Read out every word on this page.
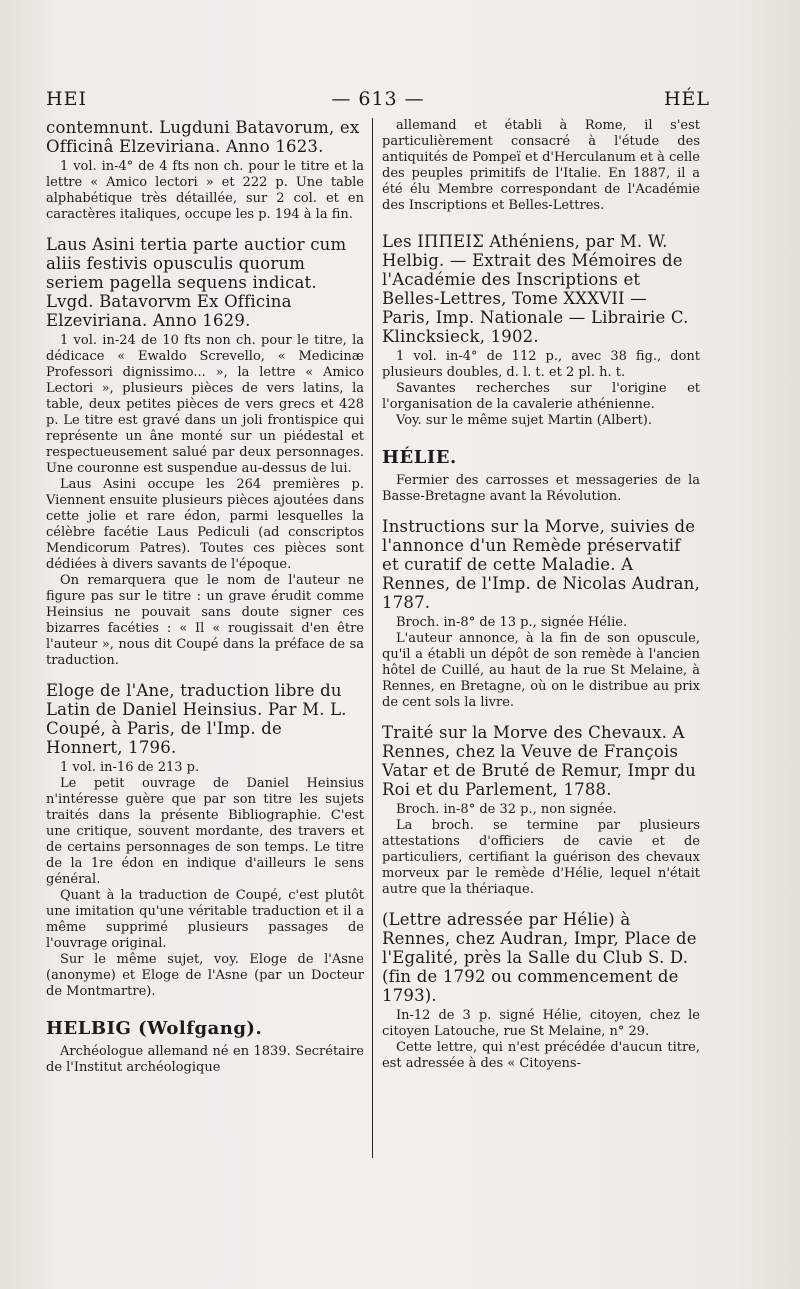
HEI	— 613 —	HÉL

contemnunt. Lugduni Batavorum, ex Officinâ Elzeviriana. Anno 1623.

1 vol. in-4° de 4 fts non ch. pour le titre et la lettre « Amico lectori » et 222 p. Une table alphabétique très détaillée, sur 2 col. et en caractères italiques, occupe les p. 194 à la fin.

Laus Asini tertia parte auctior cum aliis festivis opusculis quorum seriem pagella sequens indicat. Lvgd. Batavorvm Ex Officina Elzeviriana. Anno 1629.

1 vol. in-24 de 10 fts non ch. pour le titre, la dédicace « Ewaldo Screvello, « Medicinæ Professori dignissimo... », la lettre « Amico Lectori », plusieurs pièces de vers latins, la table, deux petites pièces de vers grecs et 428 p. Le titre est gravé dans un joli frontispice qui représente un âne monté sur un piédestal et respectueusement salué par deux personnages. Une couronne est suspendue au-dessus de lui.

Laus Asini occupe les 264 premières p. Viennent ensuite plusieurs pièces ajoutées dans cette jolie et rare édon, parmi lesquelles la célèbre facétie Laus Pediculi (ad conscriptos Mendicorum Patres). Toutes ces pièces sont dédiées à divers savants de l'époque.

On remarquera que le nom de l'auteur ne figure pas sur le titre : un grave érudit comme Heinsius ne pouvait sans doute signer ces bizarres facéties : « Il « rougissait d'en être l'auteur », nous dit Coupé dans la préface de sa traduction.

Eloge de l'Ane, traduction libre du Latin de Daniel Heinsius. Par M. L. Coupé, à Paris, de l'Imp. de Honnert, 1796.

1 vol. in-16 de 213 p.

Le petit ouvrage de Daniel Heinsius n'intéresse guère que par son titre les sujets traités dans la présente Bibliographie. C'est une critique, souvent mordante, des travers et de certains personnages de son temps. Le titre de la 1re édon en indique d'ailleurs le sens général.

Quant à la traduction de Coupé, c'est plutôt une imitation qu'une véritable traduction et il a même supprimé plusieurs passages de l'ouvrage original.

Sur le même sujet, voy. Eloge de l'Asne (anonyme) et Eloge de l'Asne (par un Docteur de Montmartre).

HELBIG (Wolfgang).

Archéologue allemand né en 1839. Secrétaire de l'Institut archéologique

allemand et établi à Rome, il s'est particulièrement consacré à l'étude des antiquités de Pompeï et d'Herculanum et à celle des peuples primitifs de l'Italie. En 1887, il a été élu Membre correspondant de l'Académie des Inscriptions et Belles-Lettres.

Les ΙΠΠΕΙΣ Athéniens, par M. W. Helbig. — Extrait des Mémoires de l'Académie des Inscriptions et Belles-Lettres, Tome XXXVII — Paris, Imp. Nationale — Librairie C. Klincksieck, 1902.

1 vol. in-4° de 112 p., avec 38 fig., dont plusieurs doubles, d. l. t. et 2 pl. h. t.

Savantes recherches sur l'origine et l'organisation de la cavalerie athénienne.

Voy. sur le même sujet Martin (Albert).

HÉLIE.

Fermier des carrosses et messageries de la Basse-Bretagne avant la Révolution.

Instructions sur la Morve, suivies de l'annonce d'un Remède préservatif et curatif de cette Maladie. A Rennes, de l'Imp. de Nicolas Audran, 1787.

Broch. in-8° de 13 p., signée Hélie.

L'auteur annonce, à la fin de son opuscule, qu'il a établi un dépôt de son remède à l'ancien hôtel de Cuillé, au haut de la rue St Melaine, à Rennes, en Bretagne, où on le distribue au prix de cent sols la livre.

Traité sur la Morve des Chevaux. A Rennes, chez la Veuve de François Vatar et de Bruté de Remur, Impr du Roi et du Parlement, 1788.

Broch. in-8° de 32 p., non signée.

La broch. se termine par plusieurs attestations d'officiers de cavie et de particuliers, certifiant la guérison des chevaux morveux par le remède d'Hélie, lequel n'était autre que la thériaque.

(Lettre adressée par Hélie) à Rennes, chez Audran, Impr, Place de l'Egalité, près la Salle du Club S. D. (fin de 1792 ou commencement de 1793).

In-12 de 3 p. signé Hélie, citoyen, chez le citoyen Latouche, rue St Melaine, n° 29.

Cette lettre, qui n'est précédée d'aucun titre, est adressée à des « Citoyens-
